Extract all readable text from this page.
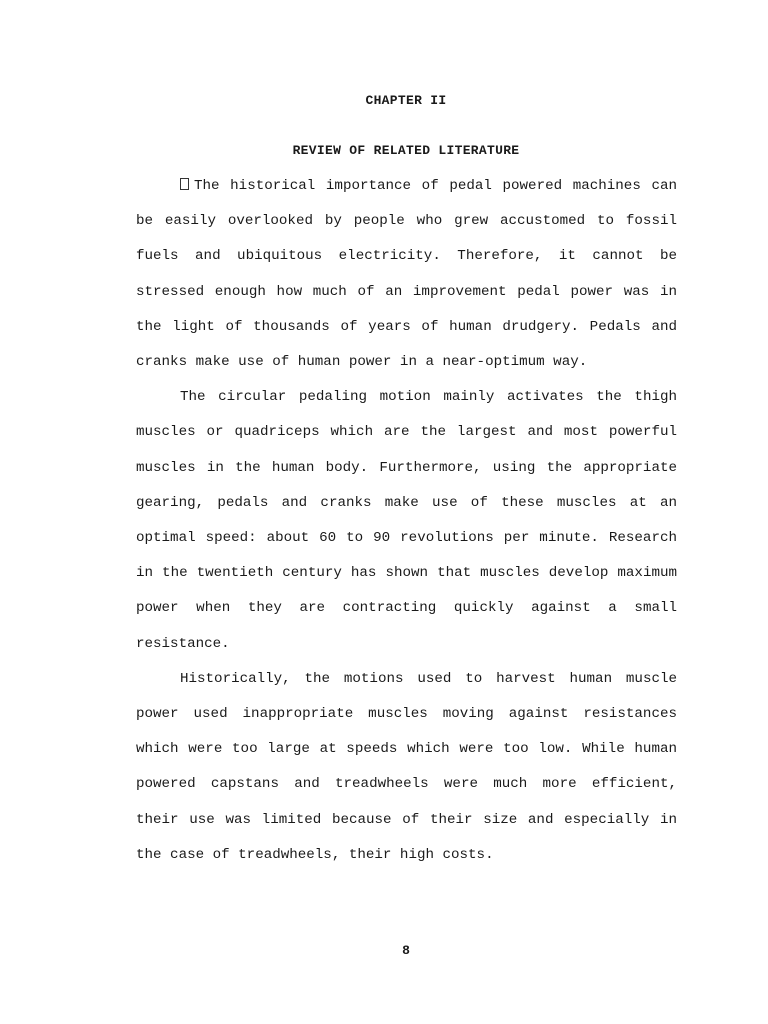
CHAPTER II
REVIEW OF RELATED LITERATURE

The historical importance of pedal powered machines can be easily overlooked by people who grew accustomed to fossil fuels and ubiquitous electricity. Therefore, it cannot be stressed enough how much of an improvement pedal power was in the light of thousands of years of human drudgery. Pedals and cranks make use of human power in a near-optimum way.

The circular pedaling motion mainly activates the thigh muscles or quadriceps which are the largest and most powerful muscles in the human body. Furthermore, using the appropriate gearing, pedals and cranks make use of these muscles at an optimal speed: about 60 to 90 revolutions per minute. Research in the twentieth century has shown that muscles develop maximum power when they are contracting quickly against a small resistance.

Historically, the motions used to harvest human muscle power used inappropriate muscles moving against resistances which were too large at speeds which were too low. While human powered capstans and treadwheels were much more efficient, their use was limited because of their size and especially in the case of treadwheels, their high costs.

8
